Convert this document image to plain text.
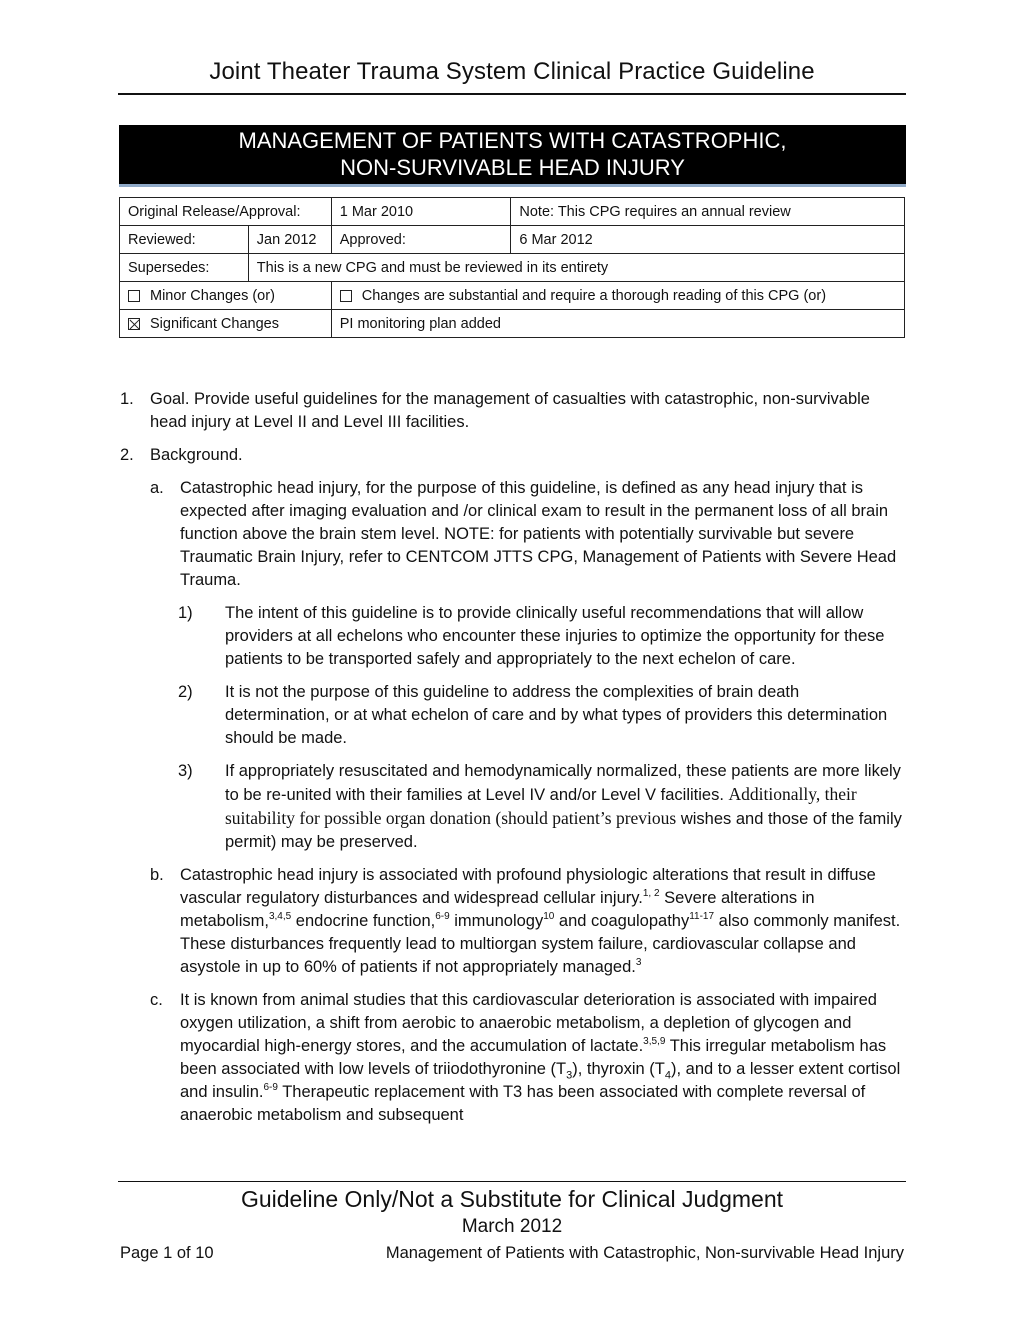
Joint Theater Trauma System Clinical Practice Guideline
MANAGEMENT OF PATIENTS WITH CATASTROPHIC,
NON-SURVIVABLE HEAD INJURY
Original Release/Approval:		1 Mar 2010	Note: This CPG requires an annual review
Reviewed:	Jan 2012	Approved:	6 Mar 2012
Supersedes:	This is a new CPG and must be reviewed in its entirety		
Minor Changes (or)		Changes are substantial and require a thorough reading of this CPG (or)	
Significant Changes		PI monitoring plan added	

1. Goal. Provide useful guidelines for the management of casualties with catastrophic, non-survivable head injury at Level II and Level III facilities.

2. Background.

a. Catastrophic head injury, for the purpose of this guideline, is defined as any head injury that is expected after imaging evaluation and /or clinical exam to result in the permanent loss of all brain function above the brain stem level. NOTE: for patients with potentially survivable but severe Traumatic Brain Injury, refer to CENTCOM JTTS CPG, Management of Patients with Severe Head Trauma.

1) The intent of this guideline is to provide clinically useful recommendations that will allow providers at all echelons who encounter these injuries to optimize the opportunity for these patients to be transported safely and appropriately to the next echelon of care.

2) It is not the purpose of this guideline to address the complexities of brain death determination, or at what echelon of care and by what types of providers this determination should be made.

3) If appropriately resuscitated and hemodynamically normalized, these patients are more likely to be re-united with their families at Level IV and/or Level V facilities. Additionally, their suitability for possible organ donation (should patient’s previous wishes and those of the family permit) may be preserved.

b. Catastrophic head injury is associated with profound physiologic alterations that result in diffuse vascular regulatory disturbances and widespread cellular injury.$^{1, 2}$ Severe alterations in metabolism,$^{3,4,5}$ endocrine function,$^{6-9}$ immunology$^{10}$ and coagulopathy$^{11-17}$ also commonly manifest. These disturbances frequently lead to multiorgan system failure, cardiovascular collapse and asystole in up to 60% of patients if not appropriately managed.$^3$

c. It is known from animal studies that this cardiovascular deterioration is associated with impaired oxygen utilization, a shift from aerobic to anaerobic metabolism, a depletion of glycogen and myocardial high-energy stores, and the accumulation of lactate.$^{3,5,9}$ This irregular metabolism has been associated with low levels of triiodothyronine $(T_3)$, thyroxin $(T_4)$, and to a lesser extent cortisol and insulin.$^{6-9}$ Therapeutic replacement with T3 has been associated with complete reversal of anaerobic metabolism and subsequent

Guideline Only/Not a Substitute for Clinical Judgment
March 2012
Page 1 of 10	Management of Patients with Catastrophic, Non-survivable Head Injury
